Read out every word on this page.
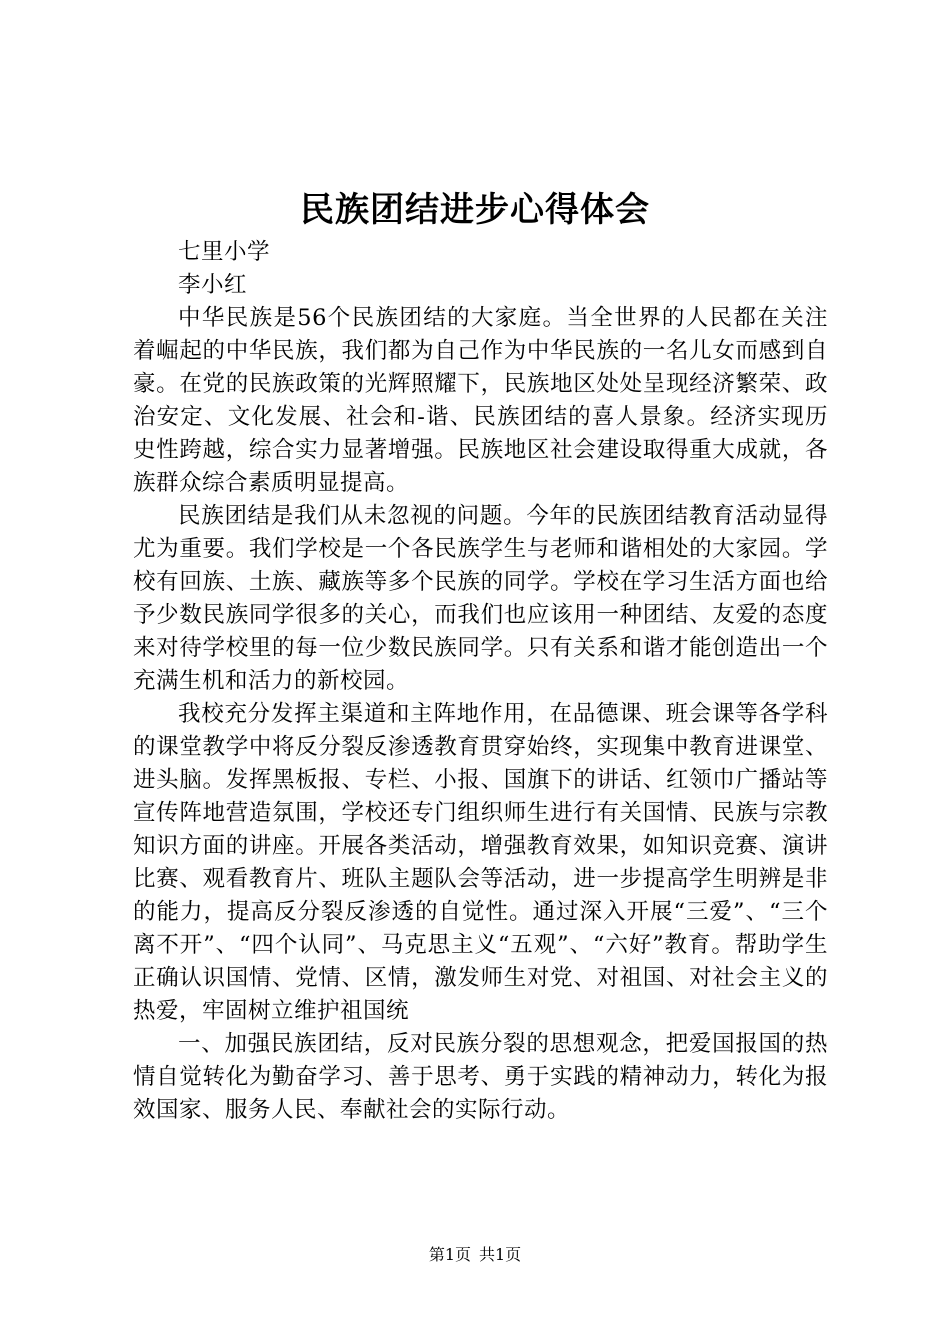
民族团结进步心得体会

七里小学

李小红

中华民族是56个民族团结的大家庭。当全世界的人民都在关注着崛起的中华民族，我们都为自己作为中华民族的一名儿女而感到自豪。在党的民族政策的光辉照耀下，民族地区处处呈现经济繁荣、政治安定、文化发展、社会和-谐、民族团结的喜人景象。经济实现历史性跨越，综合实力显著增强。民族地区社会建设取得重大成就，各族群众综合素质明显提高。

民族团结是我们从未忽视的问题。今年的民族团结教育活动显得尤为重要。我们学校是一个各民族学生与老师和谐相处的大家园。学校有回族、土族、藏族等多个民族的同学。学校在学习生活方面也给予少数民族同学很多的关心，而我们也应该用一种团结、友爱的态度来对待学校里的每一位少数民族同学。只有关系和谐才能创造出一个充满生机和活力的新校园。

我校充分发挥主渠道和主阵地作用，在品德课、班会课等各学科的课堂教学中将反分裂反渗透教育贯穿始终，实现集中教育进课堂、进头脑。发挥黑板报、专栏、小报、国旗下的讲话、红领巾广播站等宣传阵地营造氛围，学校还专门组织师生进行有关国情、民族与宗教知识方面的讲座。开展各类活动，增强教育效果，如知识竞赛、演讲比赛、观看教育片、班队主题队会等活动，进一步提高学生明辨是非的能力，提高反分裂反渗透的自觉性。通过深入开展“三爱”、“三个离不开”、“四个认同”、马克思主义“五观”、“六好”教育。帮助学生正确认识国情、党情、区情，激发师生对党、对祖国、对社会主义的热爱，牢固树立维护祖国统

一、加强民族团结，反对民族分裂的思想观念，把爱国报国的热情自觉转化为勤奋学习、善于思考、勇于实践的精神动力，转化为报效国家、服务人民、奉献社会的实际行动。

第1页 共1页
